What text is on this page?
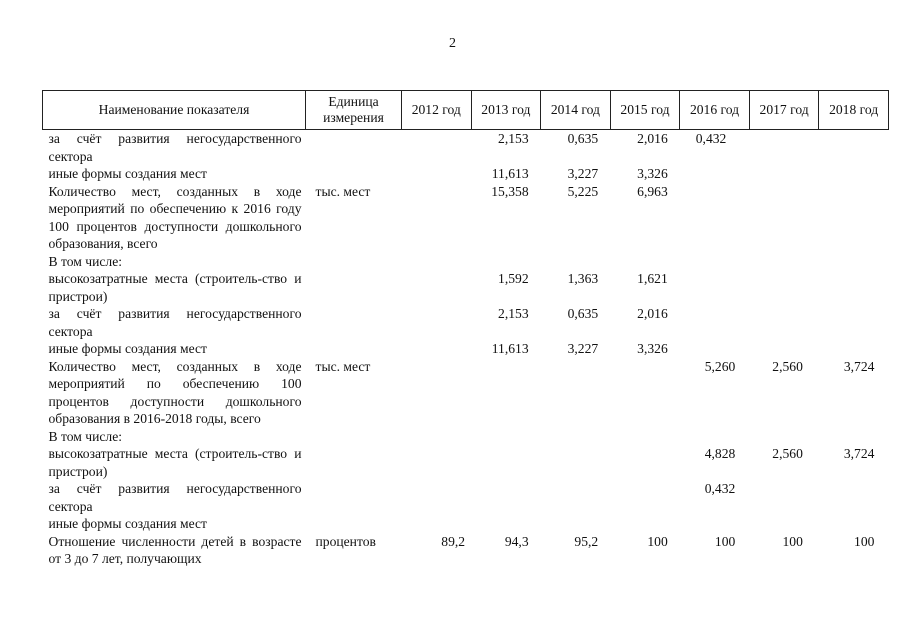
2
Наименование показателя	Единица измерения	2012 год	2013 год	2014 год	2015 год	2016 год	2017 год	2018 год
за счёт развития негосударственного сектора			2,153	0,635	2,016	0,432		
иные формы создания мест			11,613	3,227	3,326			
Количество мест, созданных в ходе мероприятий по обеспечению к 2016 году 100 процентов доступности дошкольного образования, всего	тыс. мест		15,358	5,225	6,963			
В том числе:								
высокозатратные места (строитель-ство и пристрои)			1,592	1,363	1,621			
за счёт развития негосударственного сектора			2,153	0,635	2,016			
иные формы создания мест			11,613	3,227	3,326			
Количество мест, созданных в ходе мероприятий по обеспечению 100 процентов доступности дошкольного образования в 2016-2018 годы, всего	тыс. мест					5,260	2,560	3,724
В том числе:								
высокозатратные места (строитель-ство и пристрои)						4,828	2,560	3,724
за счёт развития негосударственного сектора						0,432		
иные формы создания мест								
Отношение численности детей в возрасте от 3 до 7 лет, получающих	процентов	89,2	94,3	95,2	100	100	100	100
